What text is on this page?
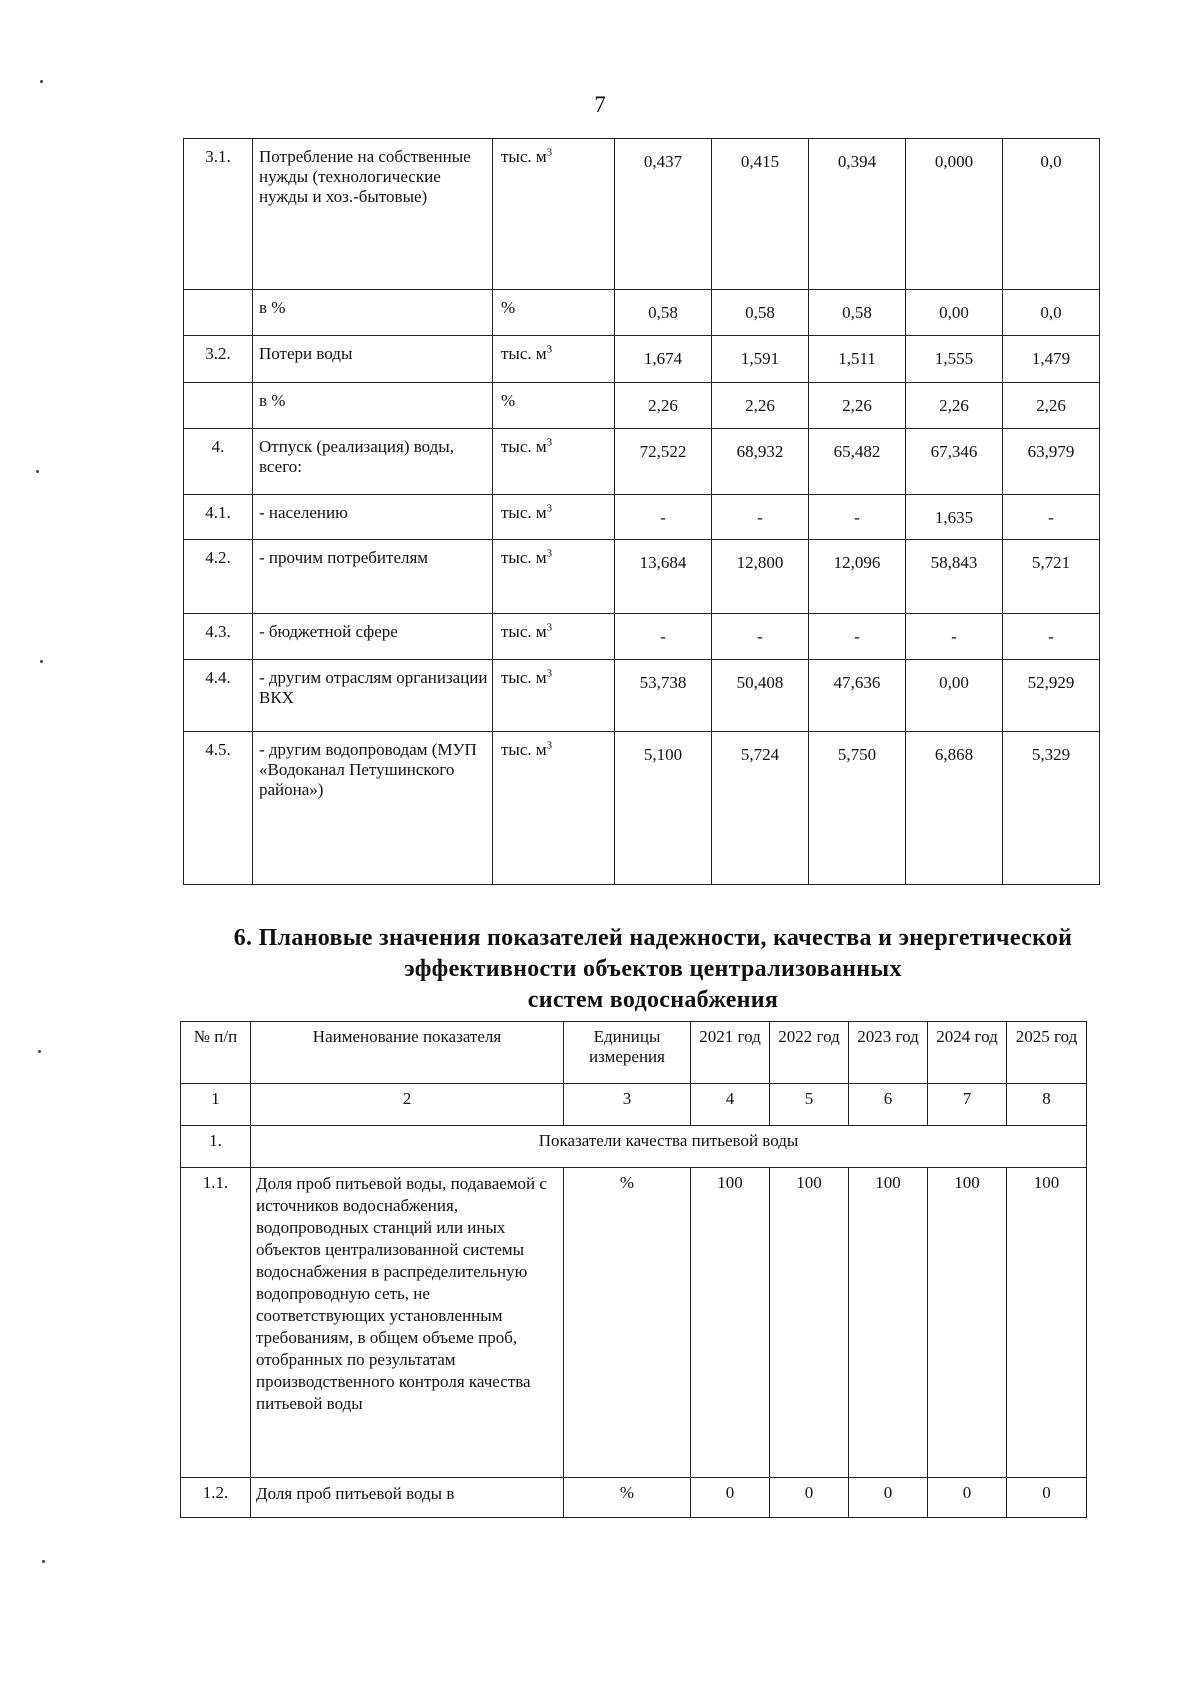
7
3.1.	Потребление на собственные нужды (технологические нужды и хоз.-бытовые)	тыс. $м^3$	0,437	0,415	0,394	0,000	0,0
	в %	%	0,58	0,58	0,58	0,00	0,0
3.2.	Потери воды	тыс. $м^3$	1,674	1,591	1,511	1,555	1,479
	в %	%	2,26	2,26	2,26	2,26	2,26
4.	Отпуск (реализация) воды, всего:	тыс. $м^3$	72,522	68,932	65,482	67,346	63,979
4.1.	- населению	тыс. $м^3$	-	-	-	1,635	-
4.2.	- прочим потребителям	тыс. $м^3$	13,684	12,800	12,096	58,843	5,721
4.3.	- бюджетной сфере	тыс. $м^3$	-	-	-	-	-
4.4.	- другим отраслям организации ВКХ	тыс. $м^3$	53,738	50,408	47,636	0,00	52,929
4.5.	- другим водопроводам (МУП «Водоканал Петушинского района»)	тыс. $м^3$	5,100	5,724	5,750	6,868	5,329
6. Плановые значения показателей надежности, качества и энергетической
эффективности объектов централизованных
систем водоснабжения
№ п/п	Наименование показателя	Единицы измерения	2021 год	2022 год	2023 год	2024 год	2025 год
1	2	3	4	5	6	7	8
1.	Показатели качества питьевой воды						
1.1.	Доля проб питьевой воды, подаваемой с источников водоснабжения, водопроводных станций или иных объектов централизованной системы водоснабжения в распределительную водопроводную сеть, не соответствующих установленным требованиям, в общем объеме проб, отобранных по результатам производственного контроля качества питьевой воды	%	100	100	100	100	100
1.2.	Доля проб питьевой воды в	%	0	0	0	0	0
